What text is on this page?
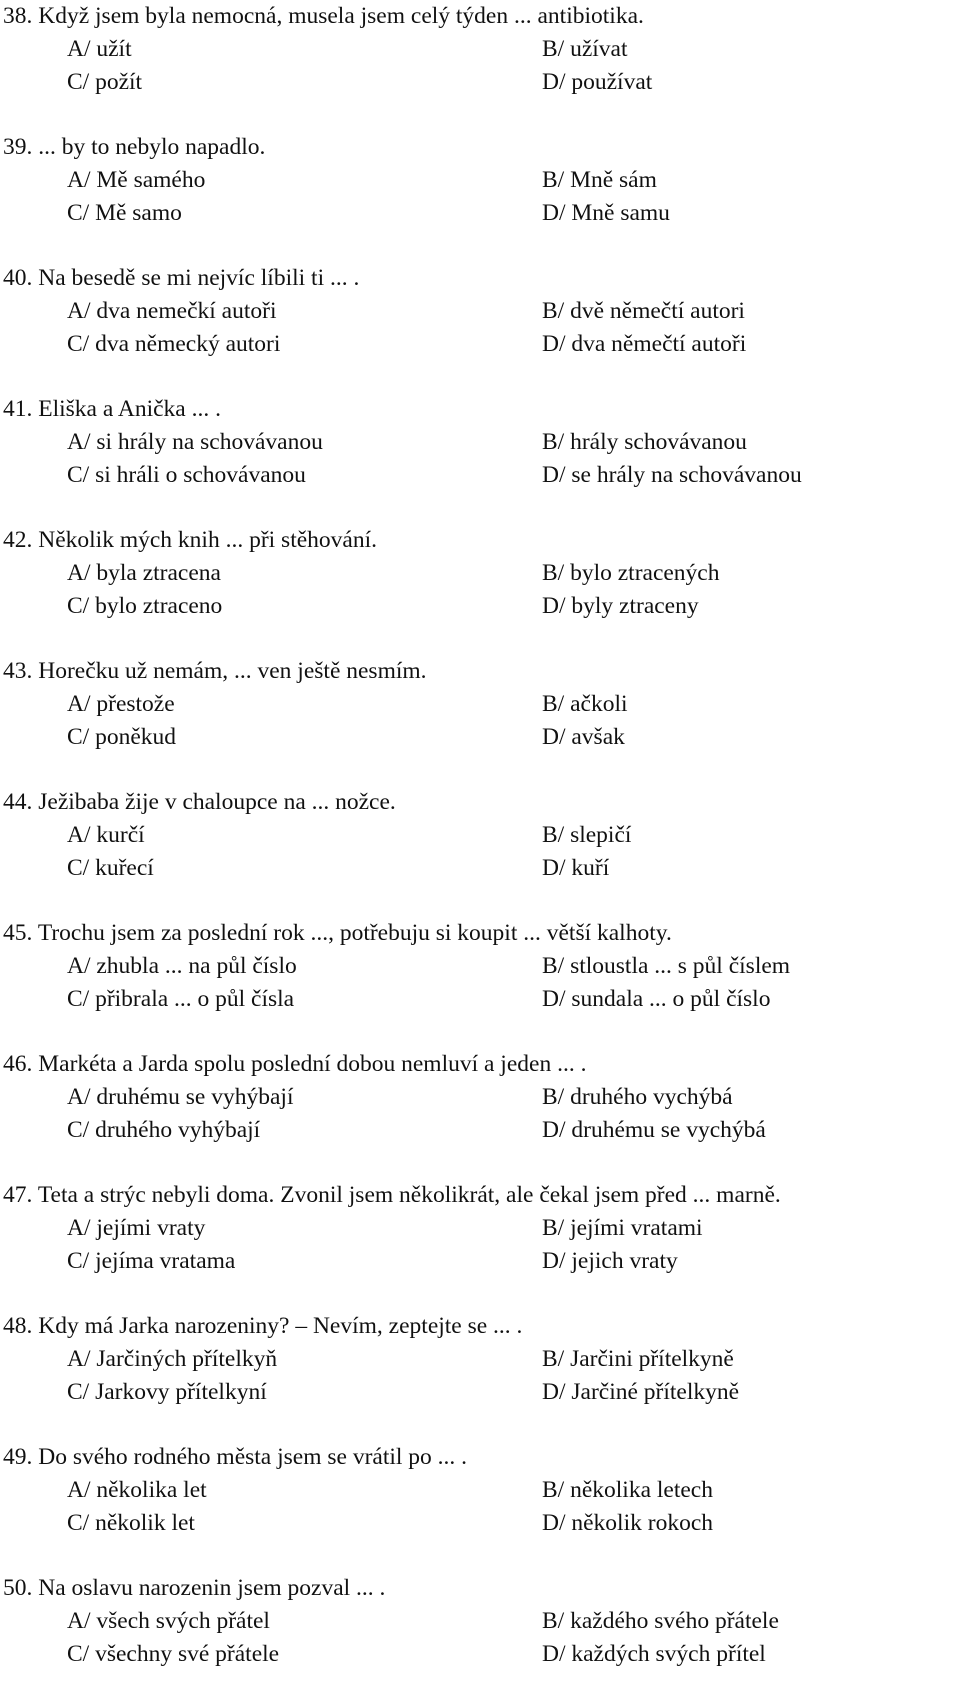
38. Když jsem byla nemocná, musela jsem celý týden ... antibiotika.
A/ užít	B/ užívat
C/ požít	D/ používat
39. ... by to nebylo napadlo.
A/ Mě samého	B/ Mně sám
C/ Mě samo	D/ Mně samu
40. Na besedě se mi nejvíc líbili ti ... .
A/ dva nemečkí autoři	B/ dvě němečtí autori
C/ dva německý autori	D/ dva němečtí autoři
41. Eliška a Anička ... .
A/ si hrály na schovávanou	B/ hrály schovávanou
C/ si hráli o schovávanou	D/ se hrály na schovávanou
42. Několik mých knih ... při stěhování.
A/ byla ztracena	B/ bylo ztracených
C/ bylo ztraceno	D/ byly ztraceny
43. Horečku už nemám, ... ven ještě nesmím.
A/ přestože	B/ ačkoli
C/ poněkud	D/ avšak
44. Ježibaba žije v chaloupce na ... nožce.
A/ kurčí	B/ slepičí
C/ kuřecí	D/ kuří
45. Trochu jsem za poslední rok ..., potřebuju si koupit ... větší kalhoty.
A/ zhubla ... na půl číslo	B/ stloustla ... s půl číslem
C/ přibrala ... o půl čísla	D/ sundala ... o půl číslo
46. Markéta a Jarda spolu poslední dobou nemluví a jeden ... .
A/ druhému se vyhýbají	B/ druhého vychýbá
C/ druhého vyhýbají	D/ druhému se vychýbá
47. Teta a strýc nebyli doma. Zvonil jsem několikrát, ale čekal jsem před ... marně.
A/ jejími vraty	B/ jejími vratami
C/ jejíma vratama	D/ jejich vraty
48. Kdy má Jarka narozeniny? – Nevím, zeptejte se ... .
A/ Jarčiných přítelkyň	B/ Jarčini přítelkyně
C/ Jarkovy přítelkyní	D/ Jarčiné přítelkyně
49. Do svého rodného města jsem se vrátil po ... .
A/ několika let	B/ několika letech
C/ několik let	D/ několik rokoch
50. Na oslavu narozenin jsem pozval ... .
A/ všech svých přátel	B/ každého svého přátele
C/ všechny své přátele	D/ každých svých přítel
